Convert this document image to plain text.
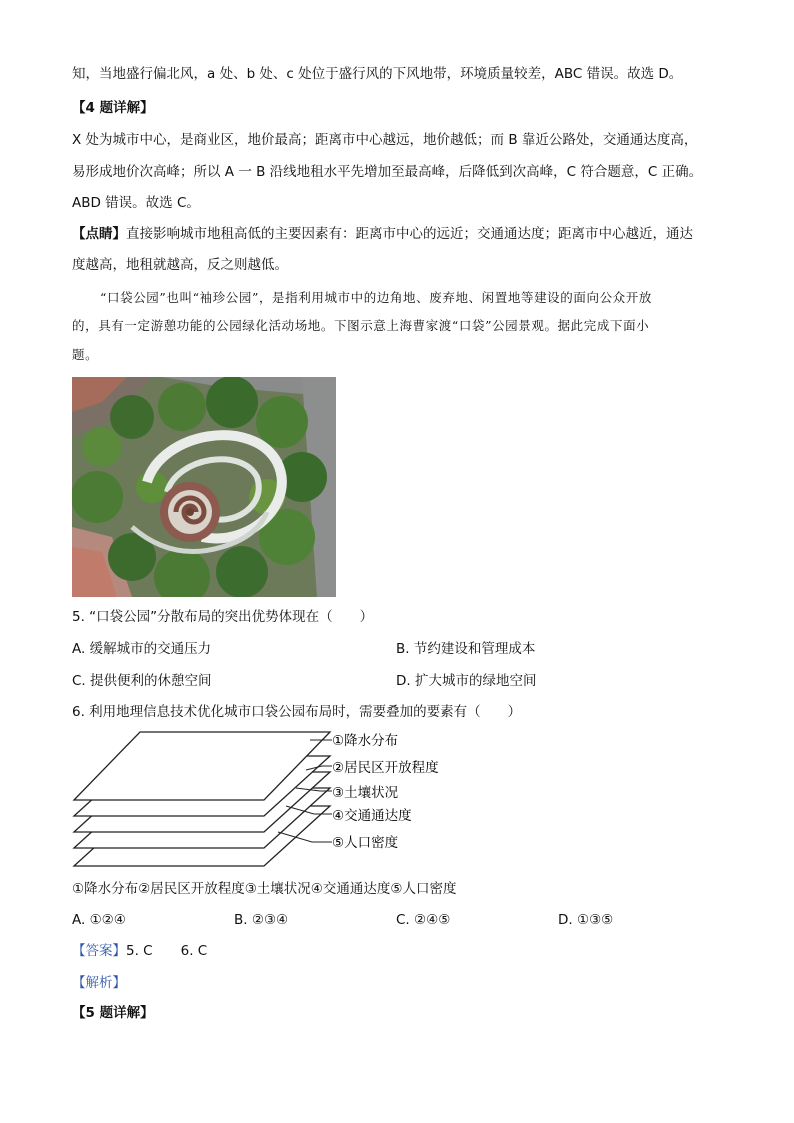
知，当地盛行偏北风，a 处、b 处、c 处位于盛行风的下风地带，环境质量较差，ABC 错误。故选 D。
【4 题详解】
X 处为城市中心，是商业区，地价最高；距离市中心越远，地价越低；而 B 靠近公路处，交通通达度高，
易形成地价次高峰；所以 A 一 B 沿线地租水平先增加至最高峰，后降低到次高峰，C 符合题意，C 正确。
ABD 错误。故选 C。
【点睛】直接影响城市地租高低的主要因素有：距离市中心的远近；交通通达度；距离市中心越近，通达
度越高，地租就越高，反之则越低。
“口袋公园”也叫“袖珍公园”，是指利用城市中的边角地、废弃地、闲置地等建设的面向公众开放
的，具有一定游憩功能的公园绿化活动场地。下图示意上海曹家渡“口袋”公园景观。据此完成下面小
题。
5. “口袋公园”分散布局的突出优势体现在（　　）
A. 缓解城市的交通压力	B. 节约建设和管理成本
C. 提供便利的休憩空间	D. 扩大城市的绿地空间
6. 利用地理信息技术优化城市口袋公园布局时，需要叠加的要素有（　　）
①降水分布
②居民区开放程度
③土壤状况
④交通通达度
⑤人口密度
①降水分布②居民区开放程度③土壤状况④交通通达度⑤人口密度
A. ①②④	B. ②③④	C. ②④⑤	D. ①③⑤
【答案】5. C 6. C
【解析】
【5 题详解】
